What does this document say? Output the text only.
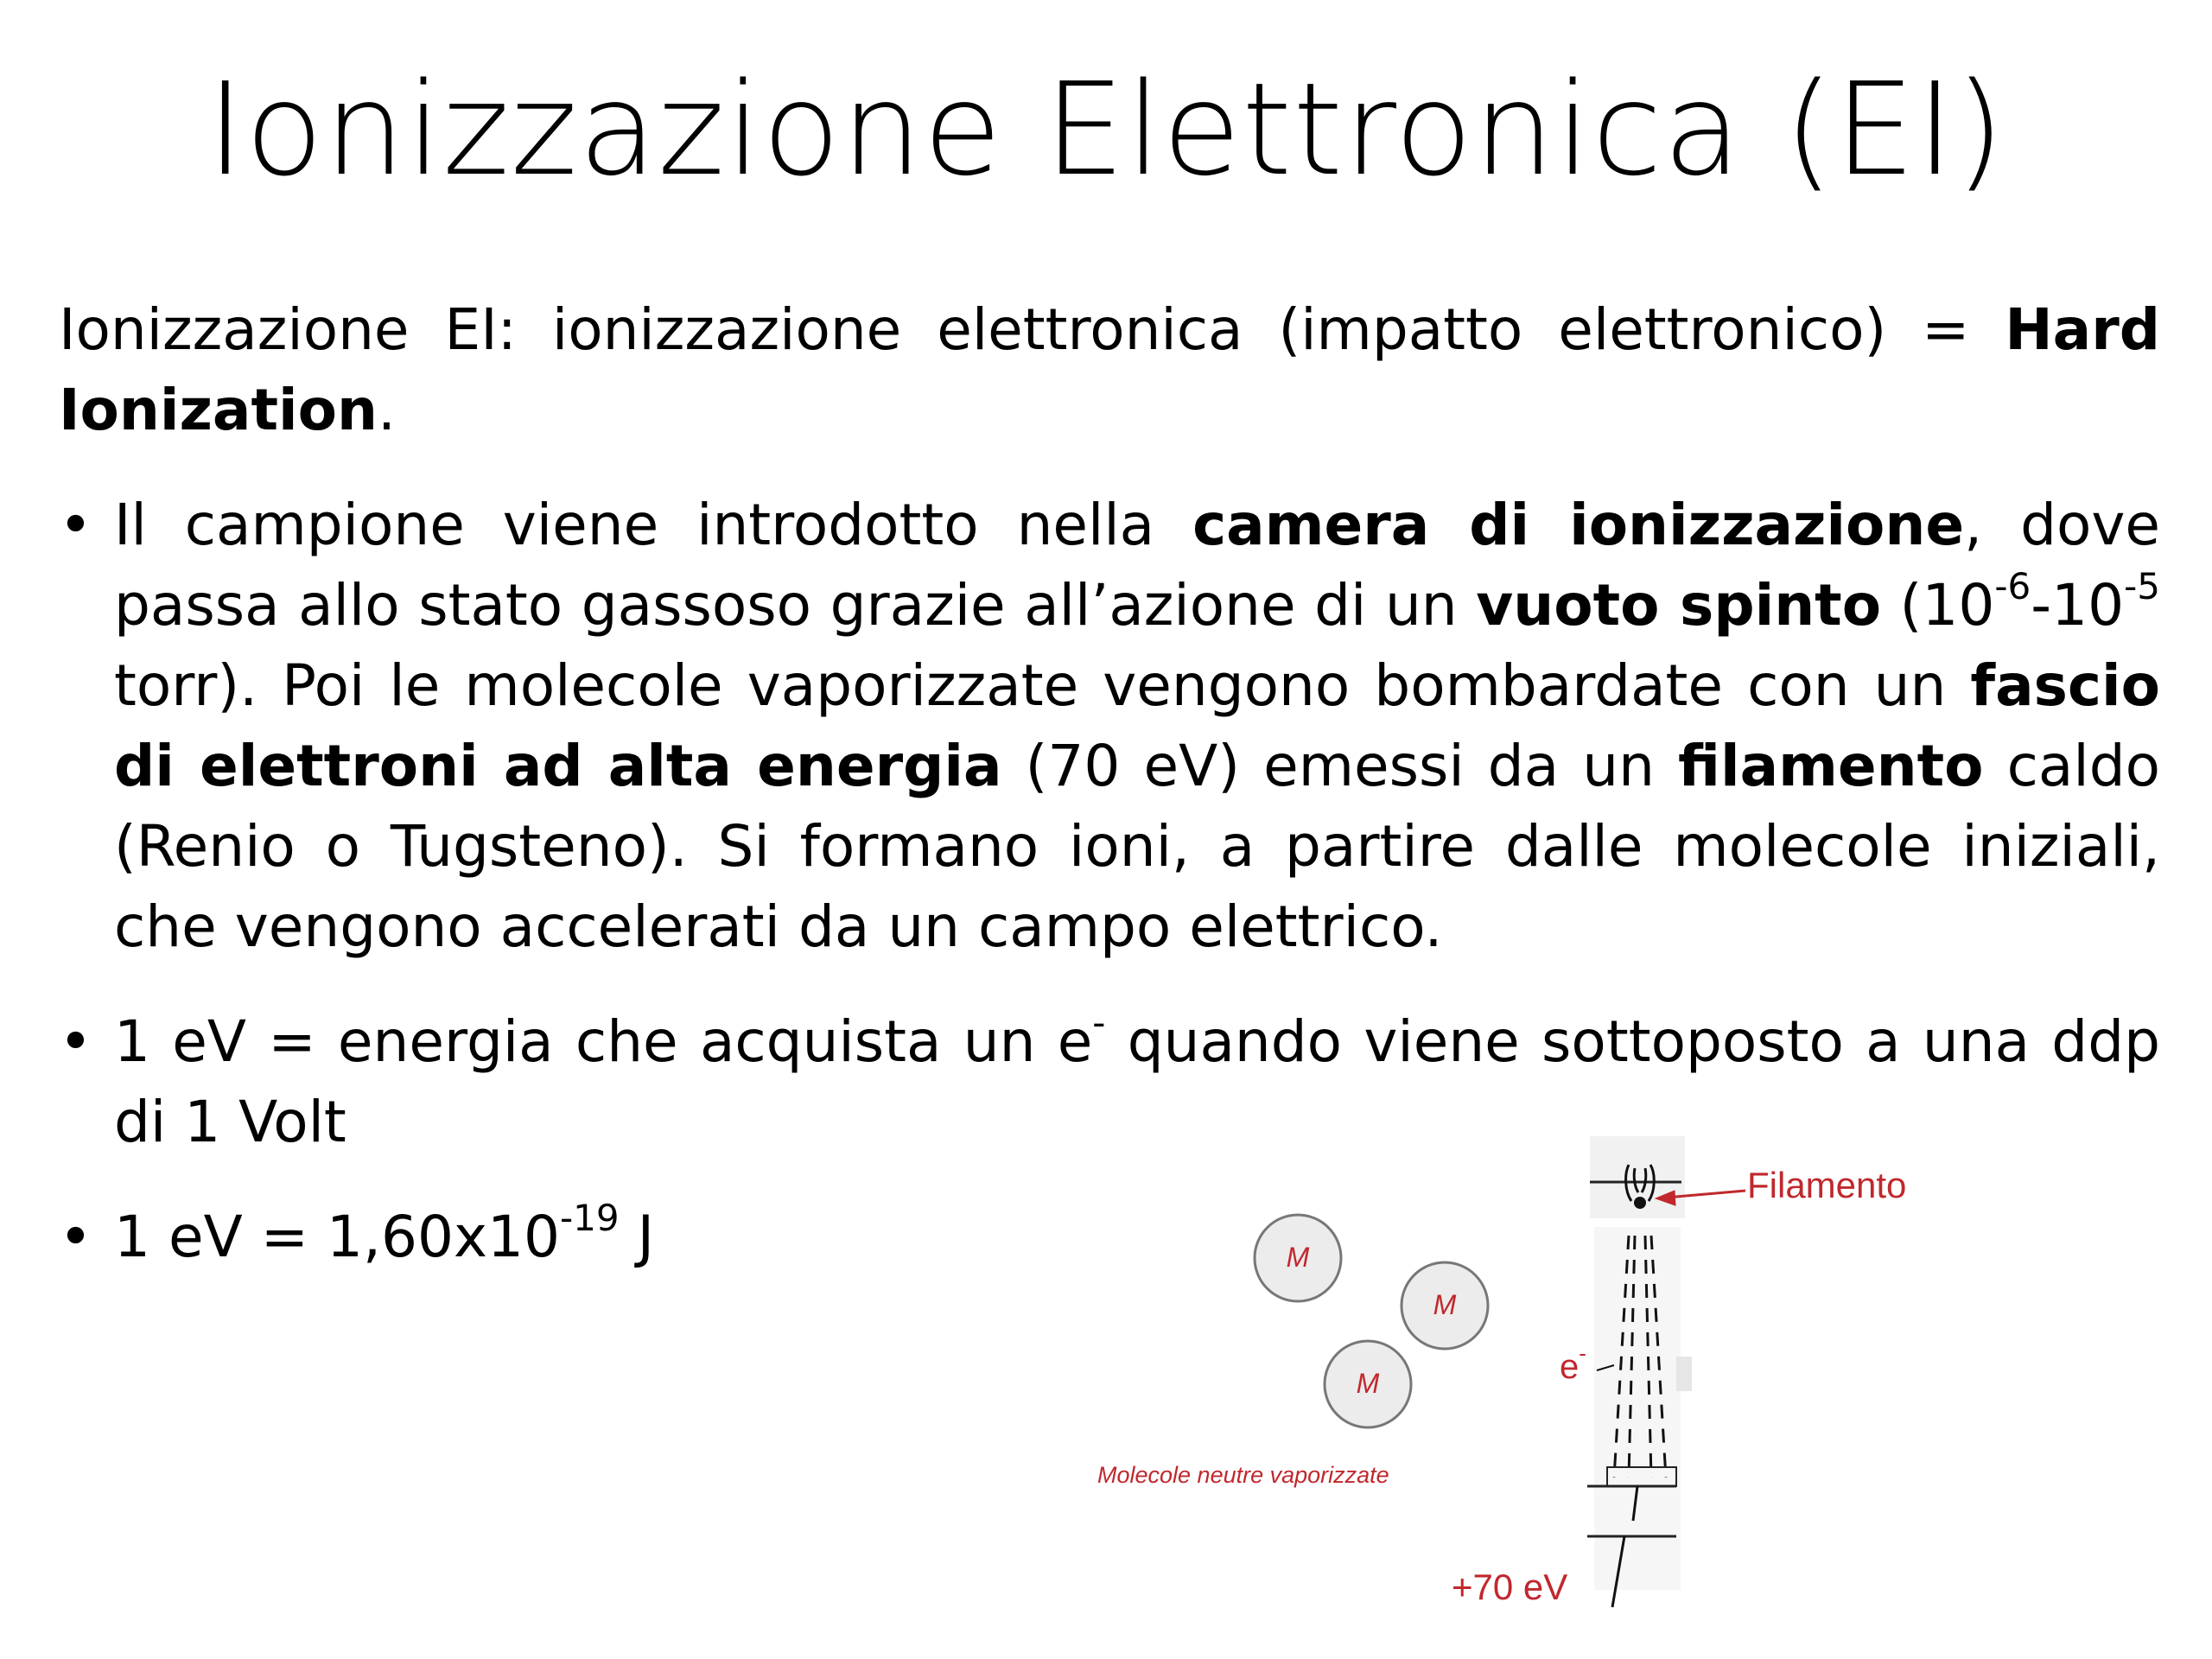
Ionizzazione Elettronica (EI)

Ionizzazione EI: ionizzazione elettronica (impatto elettronico) = Hard Ionization.

• Il campione viene introdotto nella camera di ionizzazione, dove passa allo stato gassoso grazie all’azione di un vuoto spinto ($10^{-6}-10^{-5}$ torr). Poi le molecole vaporizzate vengono bombardate con un fascio di elettroni ad alta energia (70 eV) emessi da un filamento caldo (Renio o Tugsteno). Si formano ioni, a partire dalle molecole iniziali, che vengono accelerati da un campo elettrico.
• 1 eV = energia che acquista un e- quando viene sottoposto a una ddp di 1 Volt
• 1 eV = $1,60x10^{-19}$ J	M
M
M
Filamento
e-
Molecole neutre vaporizzate
+70 eV
